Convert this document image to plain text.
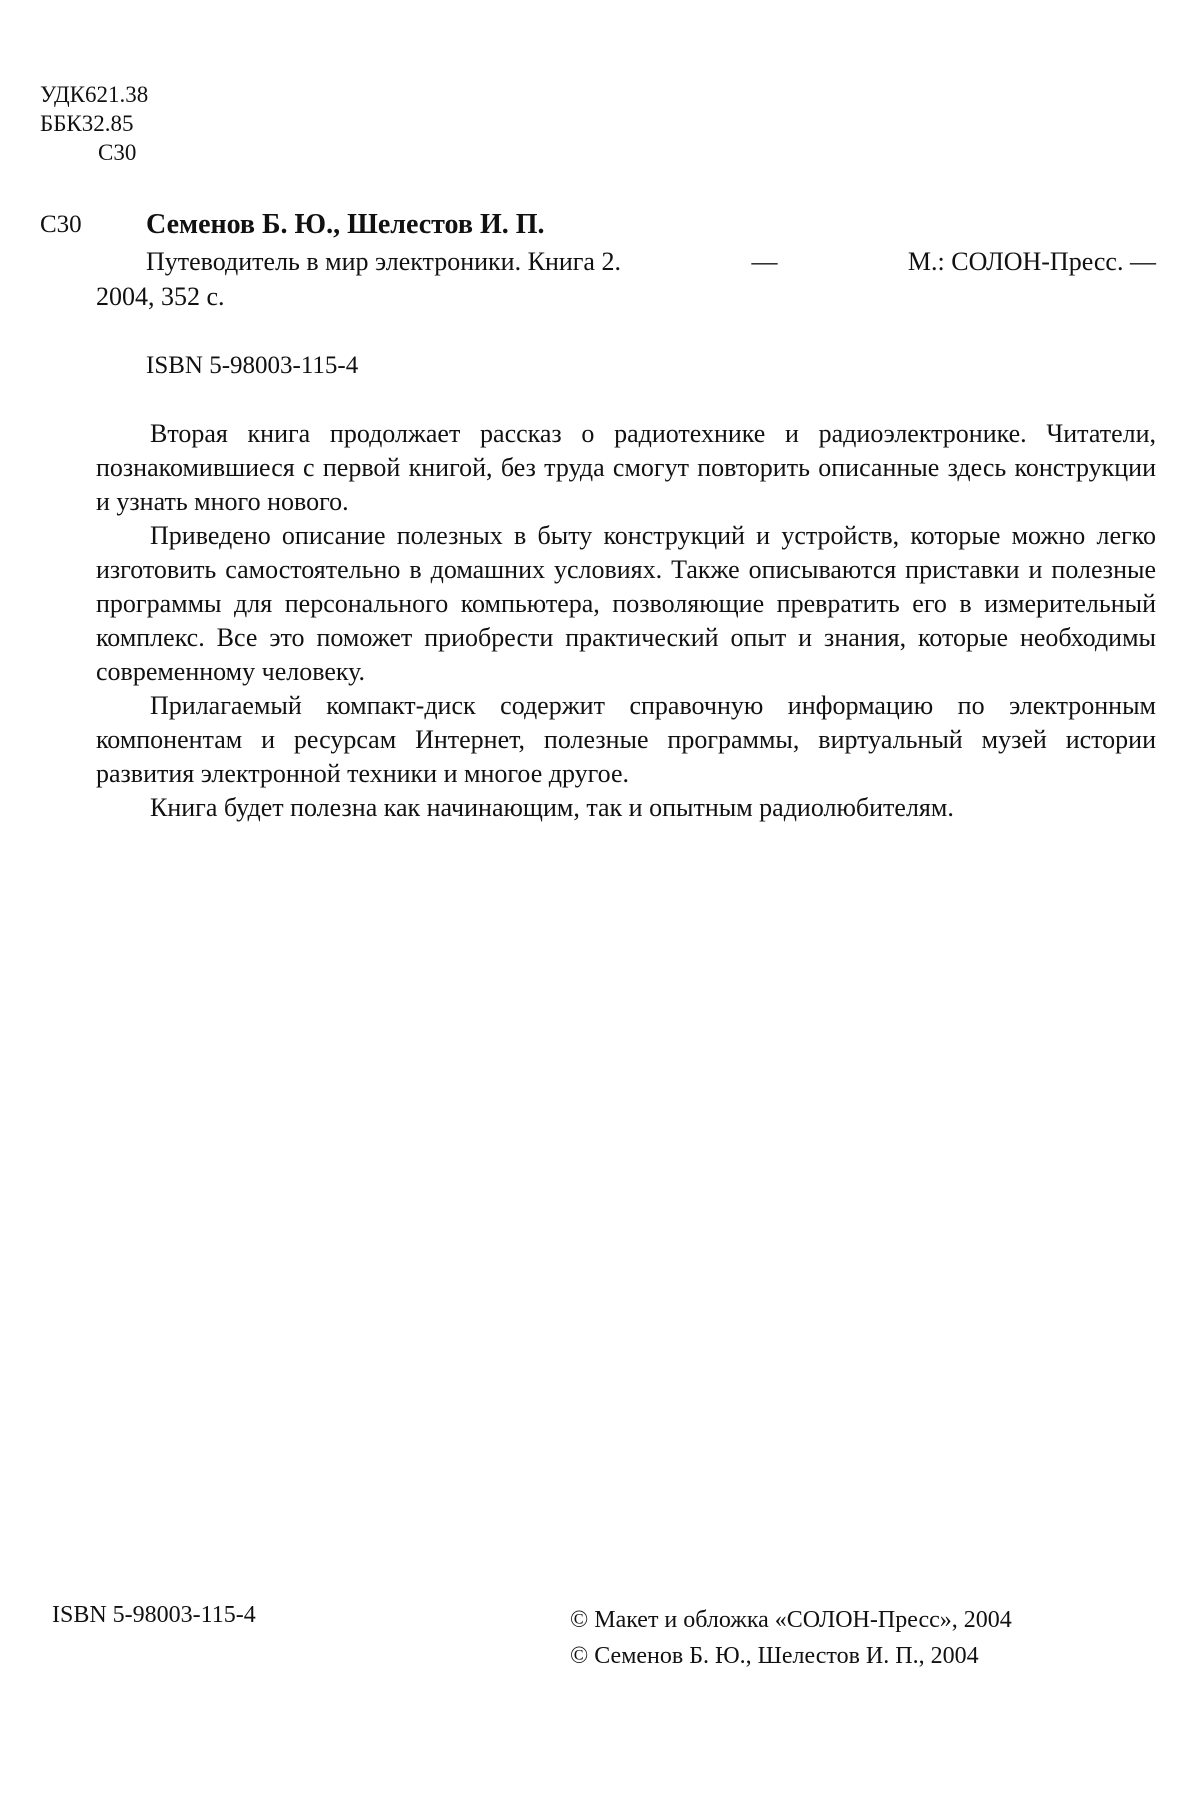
УДК621.38
ББК32.85
С30
С30 Семенов Б. Ю., Шелестов И. П.
Путеводитель в мир электроники. Книга 2.	—	М.: СОЛОН-Пресс. —
2004, 352 с.
ISBN 5-98003-115-4

Вторая книга продолжает рассказ о радиотехнике и радиоэлектронике. Читатели, познакомившиеся с первой книгой, без труда смогут повторить описанные здесь конструкции и узнать много нового.

Приведено описание полезных в быту конструкций и устройств, которые можно легко изготовить самостоятельно в домашних условиях. Также описываются приставки и полезные программы для персонального компьютера, позволяющие превратить его в измерительный комплекс. Все это поможет приобрести практический опыт и знания, которые необходимы современному человеку.

Прилагаемый компакт-диск содержит справочную информацию по электронным компонентам и ресурсам Интернет, полезные программы, виртуальный музей истории развития электронной техники и многое другое.

Книга будет полезна как начинающим, так и опытным радиолюбителям.

ISBN 5-98003-115-4	© Макет и обложка «СОЛОН-Пресс», 2004
© Семенов Б. Ю., Шелестов И. П., 2004
